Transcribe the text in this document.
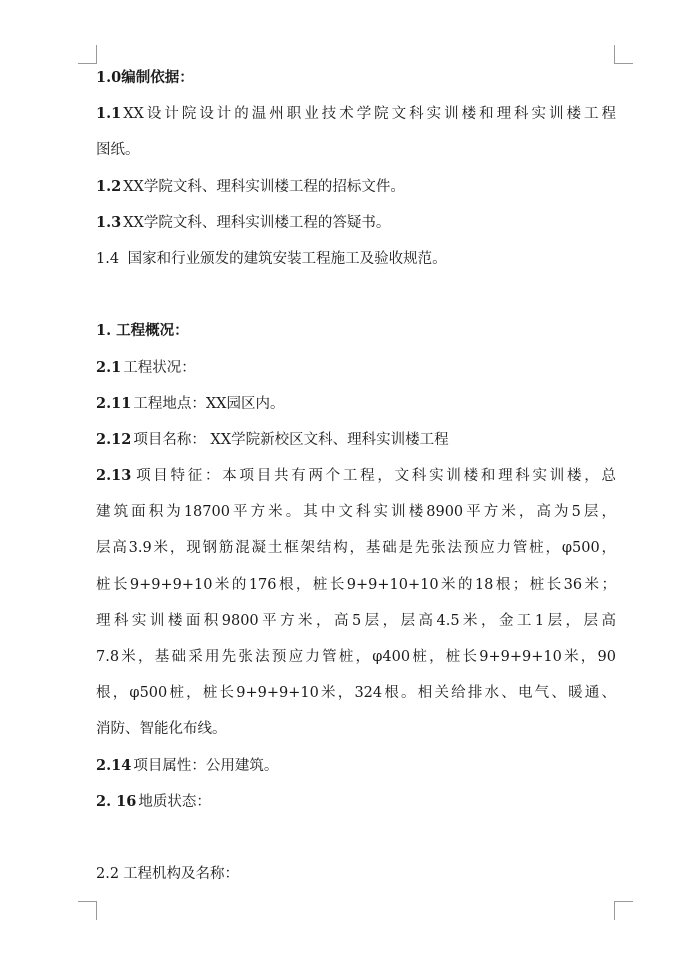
1.0编制依据：
1.1 XX设计院设计的温州职业技术学院文科实训楼和理科实训楼工程
图纸。
1.2 XX学院文科、理科实训楼工程的招标文件。
1.3 XX学院文科、理科实训楼工程的答疑书。
1.4 国家和行业颁发的建筑安装工程施工及验收规范。
1. 工程概况：
2.1 工程状况：
2.11 工程地点：XX园区内。
2.12 项目名称： XX学院新校区文科、理科实训楼工程
2.13 项目特征：本项目共有两个工程，文科实训楼和理科实训楼，总
建筑面积为18700平方米。其中文科实训楼8900平方米，高为5层，
层高3.9米，现钢筋混凝土框架结构，基础是先张法预应力管桩，φ500，
桩长9+9+9+10米的176根，桩长9+9+10+10米的18根；桩长36米；
理科实训楼面积9800平方米，高5层，层高4.5米，金工1层，层高
7.8米，基础采用先张法预应力管桩，φ400桩，桩长9+9+9+10米，90
根，φ500桩，桩长9+9+9+10米，324根。相关给排水、电气、暖通、
消防、智能化布线。
2.14 项目属性：公用建筑。
2. 16 地质状态：
2.2 工程机构及名称：
